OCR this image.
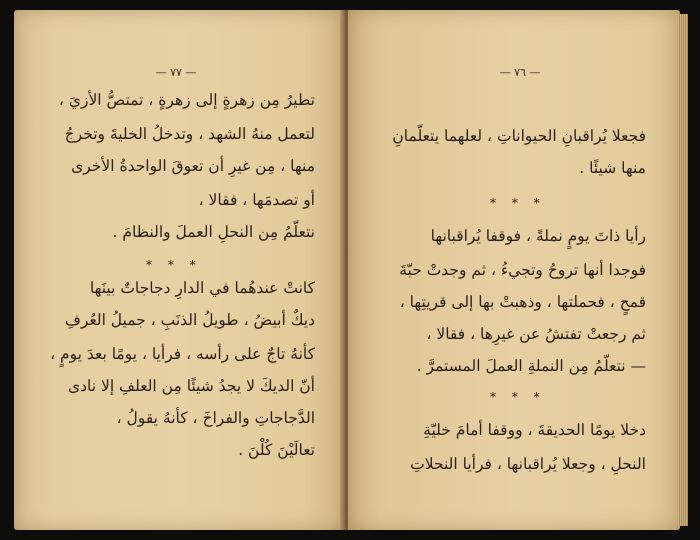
— ٧٧ —
تطيرُ مِن زهرةٍ إلى زهرةٍ ، تمتصُّ الأزيَ ،
لتعمل منهُ الشهد ، وتدخلُ الخليةَ وتخرجُ
منها ، مِن غيرِ أن تعوقَ الواحدةُ الأخرى
أو تصدمَها ، فقالا ،
نتعلّمُ مِن النحلِ العملَ والنظامَ .
* * *
كانتْ عندهُما في الدارِ دجاجاتٌ بينَها
ديكٌ أبيضُ ، طويلُ الذنَبِ ، جميلُ العُرفِ
كأنهُ تاجٌ على رأسه ، فرأيا ، يومًا بعدَ يومٍ ،
أنّ الديكَ لا يجدُ شيئًا مِن العلفِ إلا نادى
الدَّجاجاتِ والفراخَ ، كأنهُ يقولُ ،
تعالَيْنَ كُلْنَ .
— ٧٦ —
فجعلا يُراقبانِ الحيواناتِ ، لعلهما يتعلّمانِ
منها شيئًا .
* * *
رأيا ذاتَ يومٍ نملةً ، فوقفا يُراقبانها
فوجدا أنها تروحُ وتجيءُ ، ثم وجدتْ حبّةَ
قمحٍ ، فحملتها ، وذهبتْ بها إلى قريتِها ،
ثم رجعتْ تفتشُ عن غيرِها ، فقالا ،
— نتعلّمُ مِن النملةِ العملَ المستمرَّ .
* * *
دخلا يومًا الحديقةَ ، ووقفا أمامَ خليّةِ
النحلِ ، وجعلا يُراقبانها ، فرأيا النحلاتِ
